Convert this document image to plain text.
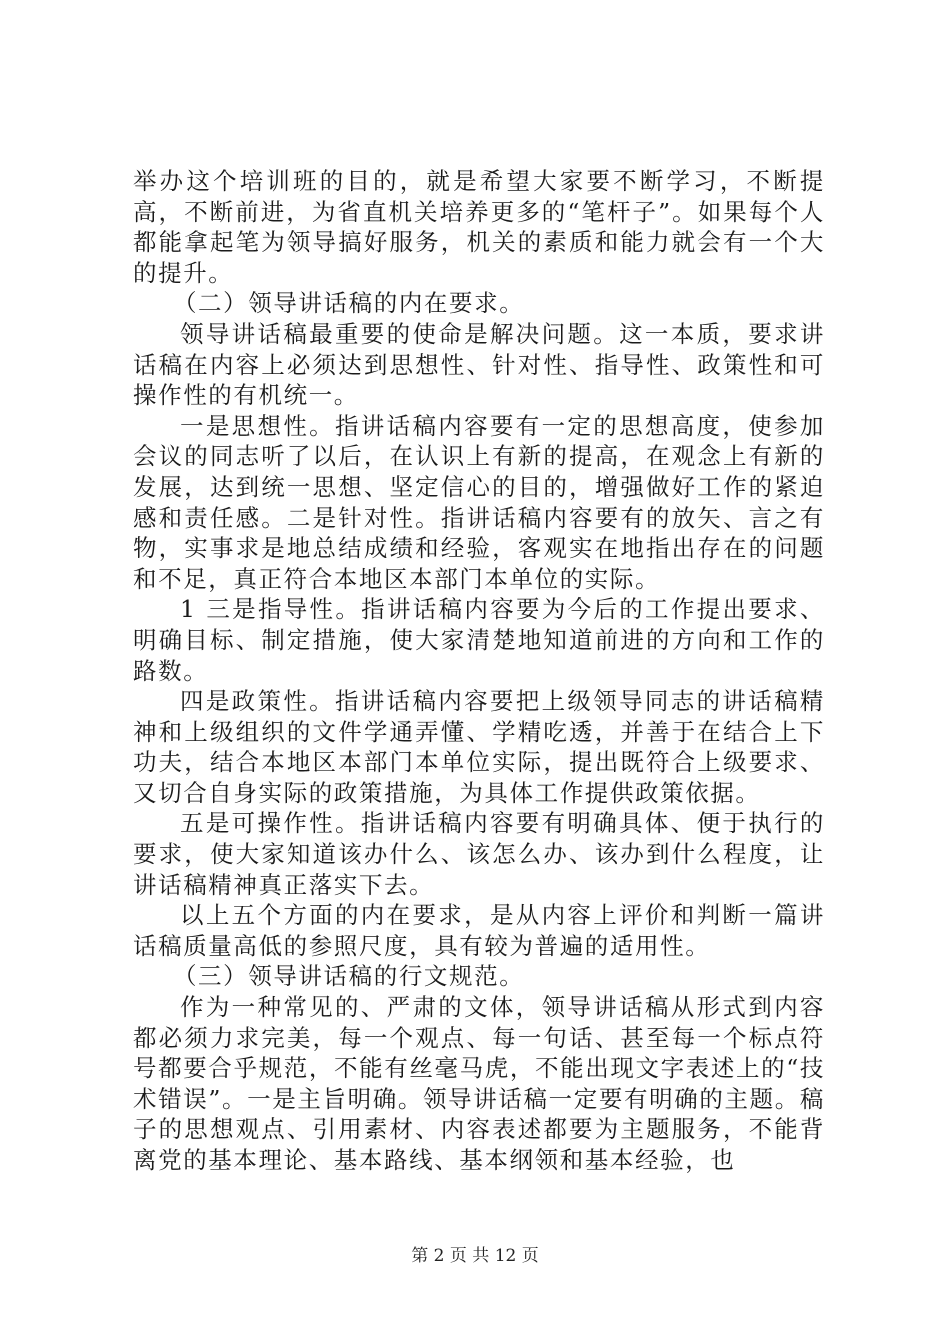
举办这个培训班的目的，就是希望大家要不断学习，不断提高，不断前进，为省直机关培养更多的“笔杆子”。如果每个人都能拿起笔为领导搞好服务，机关的素质和能力就会有一个大的提升。

（二）领导讲话稿的内在要求。

领导讲话稿最重要的使命是解决问题。这一本质，要求讲话稿在内容上必须达到思想性、针对性、指导性、政策性和可操作性的有机统一。

一是思想性。指讲话稿内容要有一定的思想高度，使参加会议的同志听了以后，在认识上有新的提高，在观念上有新的发展，达到统一思想、坚定信心的目的，增强做好工作的紧迫感和责任感。二是针对性。指讲话稿内容要有的放矢、言之有物，实事求是地总结成绩和经验，客观实在地指出存在的问题和不足，真正符合本地区本部门本单位的实际。

1 三是指导性。指讲话稿内容要为今后的工作提出要求、明确目标、制定措施，使大家清楚地知道前进的方向和工作的路数。

四是政策性。指讲话稿内容要把上级领导同志的讲话稿精神和上级组织的文件学通弄懂、学精吃透，并善于在结合上下功夫，结合本地区本部门本单位实际，提出既符合上级要求、又切合自身实际的政策措施，为具体工作提供政策依据。

五是可操作性。指讲话稿内容要有明确具体、便于执行的要求，使大家知道该办什么、该怎么办、该办到什么程度，让讲话稿精神真正落实下去。

以上五个方面的内在要求，是从内容上评价和判断一篇讲话稿质量高低的参照尺度，具有较为普遍的适用性。

（三）领导讲话稿的行文规范。

作为一种常见的、严肃的文体，领导讲话稿从形式到内容都必须力求完美，每一个观点、每一句话、甚至每一个标点符号都要合乎规范，不能有丝毫马虎，不能出现文字表述上的“技术错误”。一是主旨明确。领导讲话稿一定要有明确的主题。稿子的思想观点、引用素材、内容表述都要为主题服务，不能背离党的基本理论、基本路线、基本纲领和基本经验，也

第 2 页 共 12 页
